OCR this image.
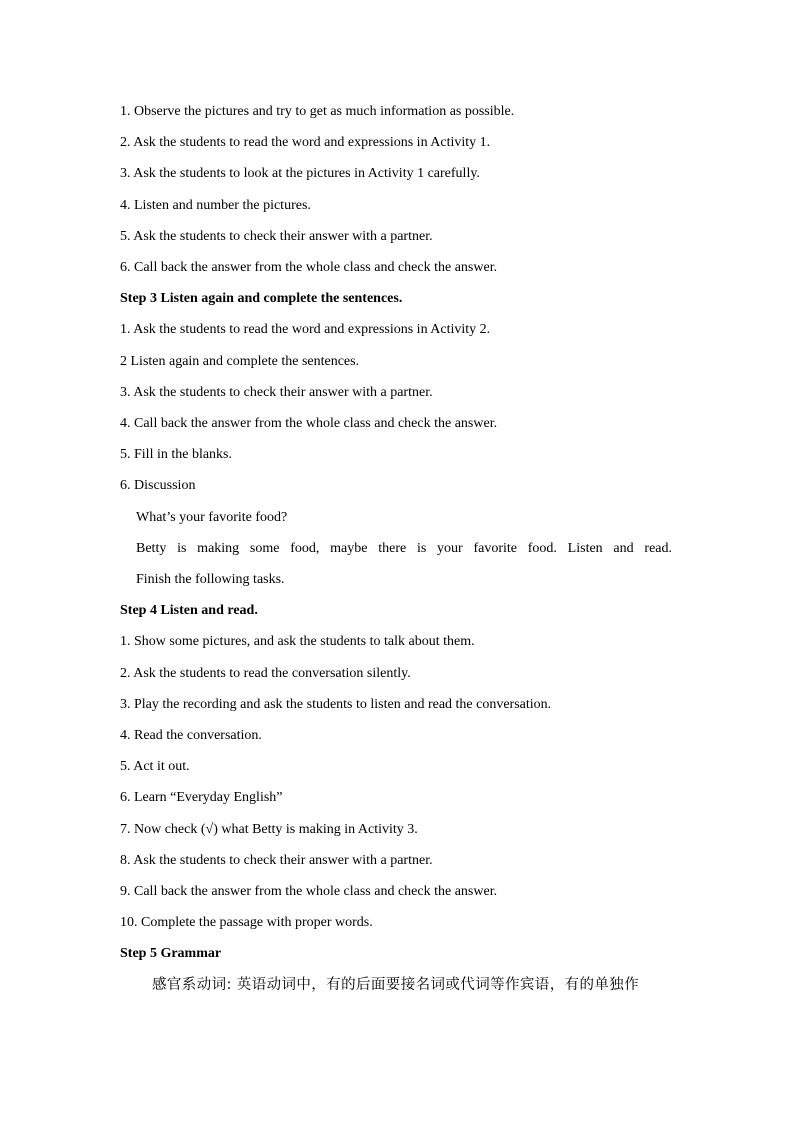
1. Observe the pictures and try to get as much information as possible.
2. Ask the students to read the word and expressions in Activity 1.
3. Ask the students to look at the pictures in Activity 1 carefully.
4. Listen and number the pictures.
5. Ask the students to check their answer with a partner.
6. Call back the answer from the whole class and check the answer.
Step 3 Listen again and complete the sentences.
1. Ask the students to read the word and expressions in Activity 2.
2 Listen again and complete the sentences.
3. Ask the students to check their answer with a partner.
4. Call back the answer from the whole class and check the answer.
5. Fill in the blanks.
6. Discussion
What’s your favorite food?
Betty is making some food, maybe there is your favorite food. Listen and read.
Finish the following tasks.
Step 4 Listen and read.
1. Show some pictures, and ask the students to talk about them.
2. Ask the students to read the conversation silently.
3. Play the recording and ask the students to listen and read the conversation.
4. Read the conversation.
5. Act it out.
6. Learn “Everyday English”
7. Now check (√) what Betty is making in Activity 3.
8. Ask the students to check their answer with a partner.
9. Call back the answer from the whole class and check the answer.
10. Complete the passage with proper words.
Step 5 Grammar
感官系动词: 英语动词中，有的后面要接名词或代词等作宾语，有的单独作
